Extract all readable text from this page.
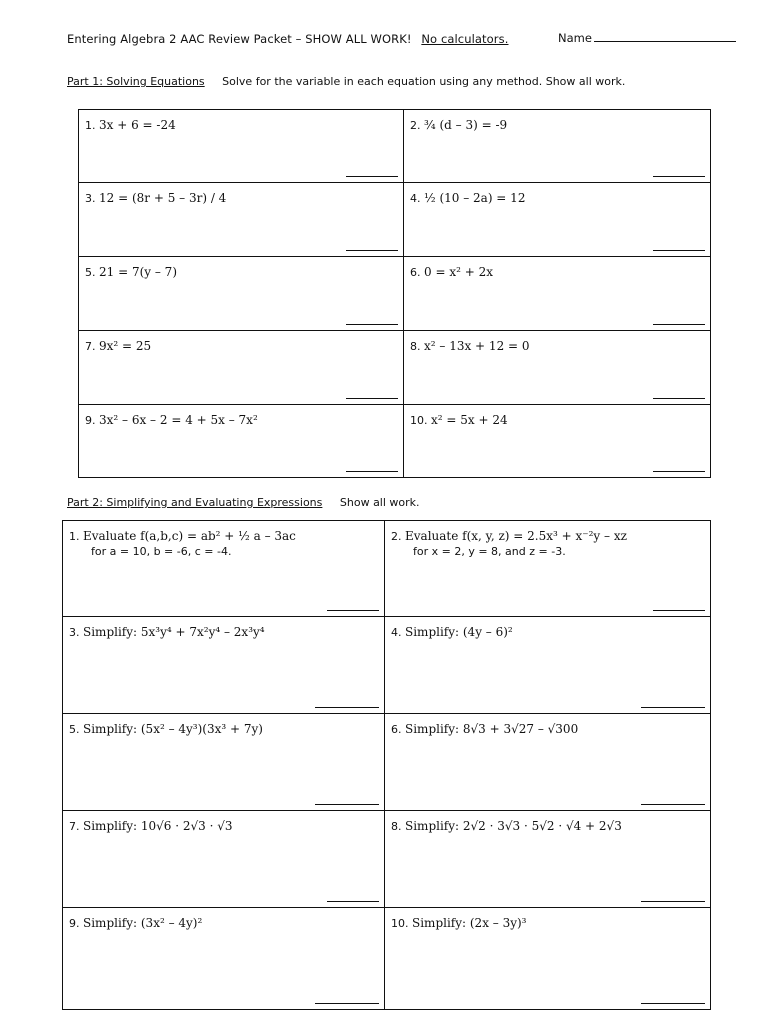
Entering Algebra 2 AAC Review Packet – SHOW ALL WORK! No calculators.	Name
Part 1: Solving Equations Solve for the variable in each equation using any method. Show all work.
1. 3x + 6 = -24	2. ¾ (d – 3) = -9

3. 12 = (8r + 5 – 3r) / 4	4. ½ (10 – 2a) = 12

5. 21 = 7(y – 7)	6. 0 = x² + 2x

7. 9x² = 25	8. x² – 13x + 12 = 0

9. 3x² – 6x – 2 = 4 + 5x – 7x²	10. x² = 5x + 24
Part 2: Simplifying and Evaluating Expressions Show all work.
1. Evaluate f(a,b,c) = ab² + ½ a – 3ac
for a = 10, b = -6, c = -4.	2. Evaluate f(x, y, z) = 2.5x³ + x⁻²y – xz
for x = 2, y = 8, and z = -3.

3. Simplify: 5x³y⁴ + 7x²y⁴ – 2x³y⁴	4. Simplify: (4y – 6)²

5. Simplify: (5x² – 4y³)(3x³ + 7y)	6. Simplify: 8√3 + 3√27 – √300

7. Simplify: 10√6 · 2√3 · √3	8. Simplify: 2√2 · 3√3 · 5√2 · √4 + 2√3

9. Simplify: (3x² – 4y)²	10. Simplify: (2x – 3y)³
